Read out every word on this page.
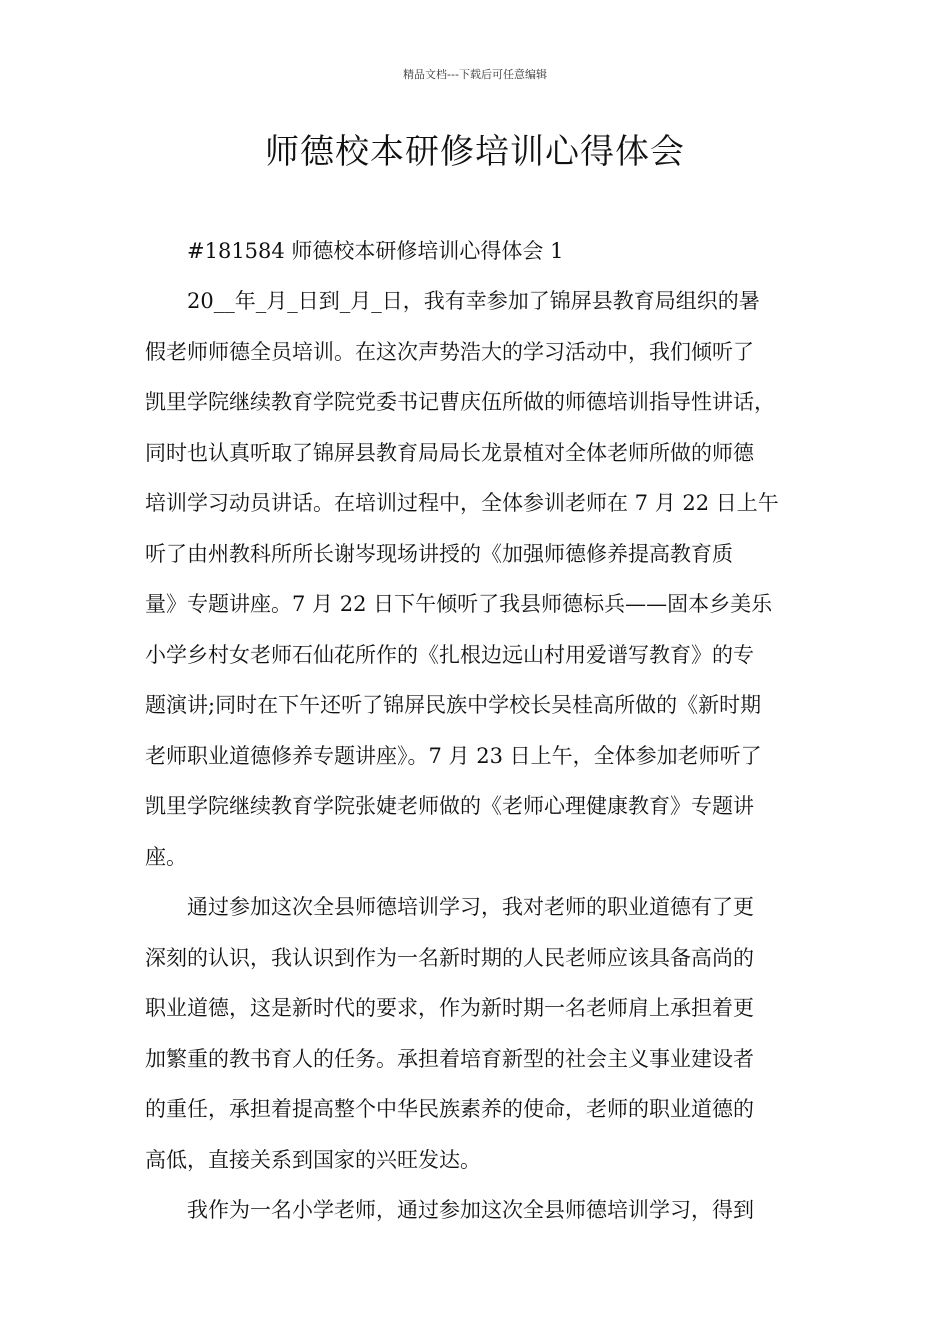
精品文档---下载后可任意编辑
师德校本研修培训心得体会

#181584 师德校本研修培训心得体会 1

20__年_月_日到_月_日，我有幸参加了锦屏县教育局组织的暑
假老师师德全员培训。在这次声势浩大的学习活动中，我们倾听了
凯里学院继续教育学院党委书记曹庆伍所做的师德培训指导性讲话，
同时也认真听取了锦屏县教育局局长龙景植对全体老师所做的师德
培训学习动员讲话。在培训过程中，全体参训老师在 7 月 22 日上午
听了由州教科所所长谢岑现场讲授的《加强师德修养提高教育质
量》专题讲座。7 月 22 日下午倾听了我县师德标兵——固本乡美乐
小学乡村女老师石仙花所作的《扎根边远山村用爱谱写教育》的专
题演讲;同时在下午还听了锦屏民族中学校长吴桂高所做的《新时期
老师职业道德修养专题讲座》。7 月 23 日上午，全体参加老师听了
凯里学院继续教育学院张婕老师做的《老师心理健康教育》专题讲
座。

通过参加这次全县师德培训学习，我对老师的职业道德有了更
深刻的认识，我认识到作为一名新时期的人民老师应该具备高尚的
职业道德，这是新时代的要求，作为新时期一名老师肩上承担着更
加繁重的教书育人的任务。承担着培育新型的社会主义事业建设者
的重任，承担着提高整个中华民族素养的使命，老师的职业道德的
高低，直接关系到国家的兴旺发达。

我作为一名小学老师，通过参加这次全县师德培训学习，得到
